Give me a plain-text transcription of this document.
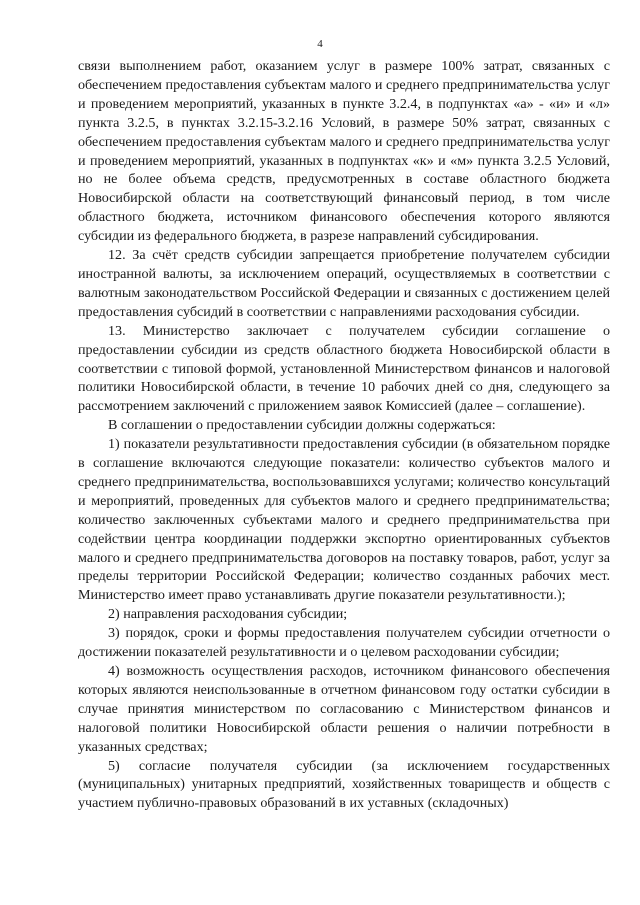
4

связи выполнением работ, оказанием услуг в размере 100% затрат, связанных с обеспечением предоставления субъектам малого и среднего предпринимательства услуг и проведением мероприятий, указанных в пункте 3.2.4, в подпунктах «а» - «и» и «л» пункта 3.2.5, в пунктах 3.2.15-3.2.16 Условий, в размере 50% затрат, связанных с обеспечением предоставления субъектам малого и среднего предпринимательства услуг и проведением мероприятий, указанных в подпунктах «к» и «м» пункта 3.2.5 Условий, но не более объема средств, предусмотренных в составе областного бюджета Новосибирской области на соответствующий финансовый период, в том числе областного бюджета, источником финансового обеспечения которого являются субсидии из федерального бюджета, в разрезе направлений субсидирования.

12. За счёт средств субсидии запрещается приобретение получателем субсидии иностранной валюты, за исключением операций, осуществляемых в соответствии с валютным законодательством Российской Федерации и связанных с достижением целей предоставления субсидий в соответствии с направлениями расходования субсидии.

13. Министерство заключает с получателем субсидии соглашение о предоставлении субсидии из средств областного бюджета Новосибирской области в соответствии с типовой формой, установленной Министерством финансов и налоговой политики Новосибирской области, в течение 10 рабочих дней со дня, следующего за рассмотрением заключений с приложением заявок Комиссией (далее – соглашение).

В соглашении о предоставлении субсидии должны содержаться:

1) показатели результативности предоставления субсидии (в обязательном порядке в соглашение включаются следующие показатели: количество субъектов малого и среднего предпринимательства, воспользовавшихся услугами; количество консультаций и мероприятий, проведенных для субъектов малого и среднего предпринимательства; количество заключенных субъектами малого и среднего предпринимательства при содействии центра координации поддержки экспортно ориентированных субъектов малого и среднего предпринимательства договоров на поставку товаров, работ, услуг за пределы территории Российской Федерации; количество созданных рабочих мест. Министерство имеет право устанавливать другие показатели результативности.);

2) направления расходования субсидии;

3) порядок, сроки и формы предоставления получателем субсидии отчетности о достижении показателей результативности и о целевом расходовании субсидии;

4) возможность осуществления расходов, источником финансового обеспечения которых являются неиспользованные в отчетном финансовом году остатки субсидии в случае принятия министерством по согласованию с Министерством финансов и налоговой политики Новосибирской области решения о наличии потребности в указанных средствах;

5) согласие получателя субсидии (за исключением государственных (муниципальных) унитарных предприятий, хозяйственных товариществ и обществ с участием публично-правовых образований в их уставных (складочных)
